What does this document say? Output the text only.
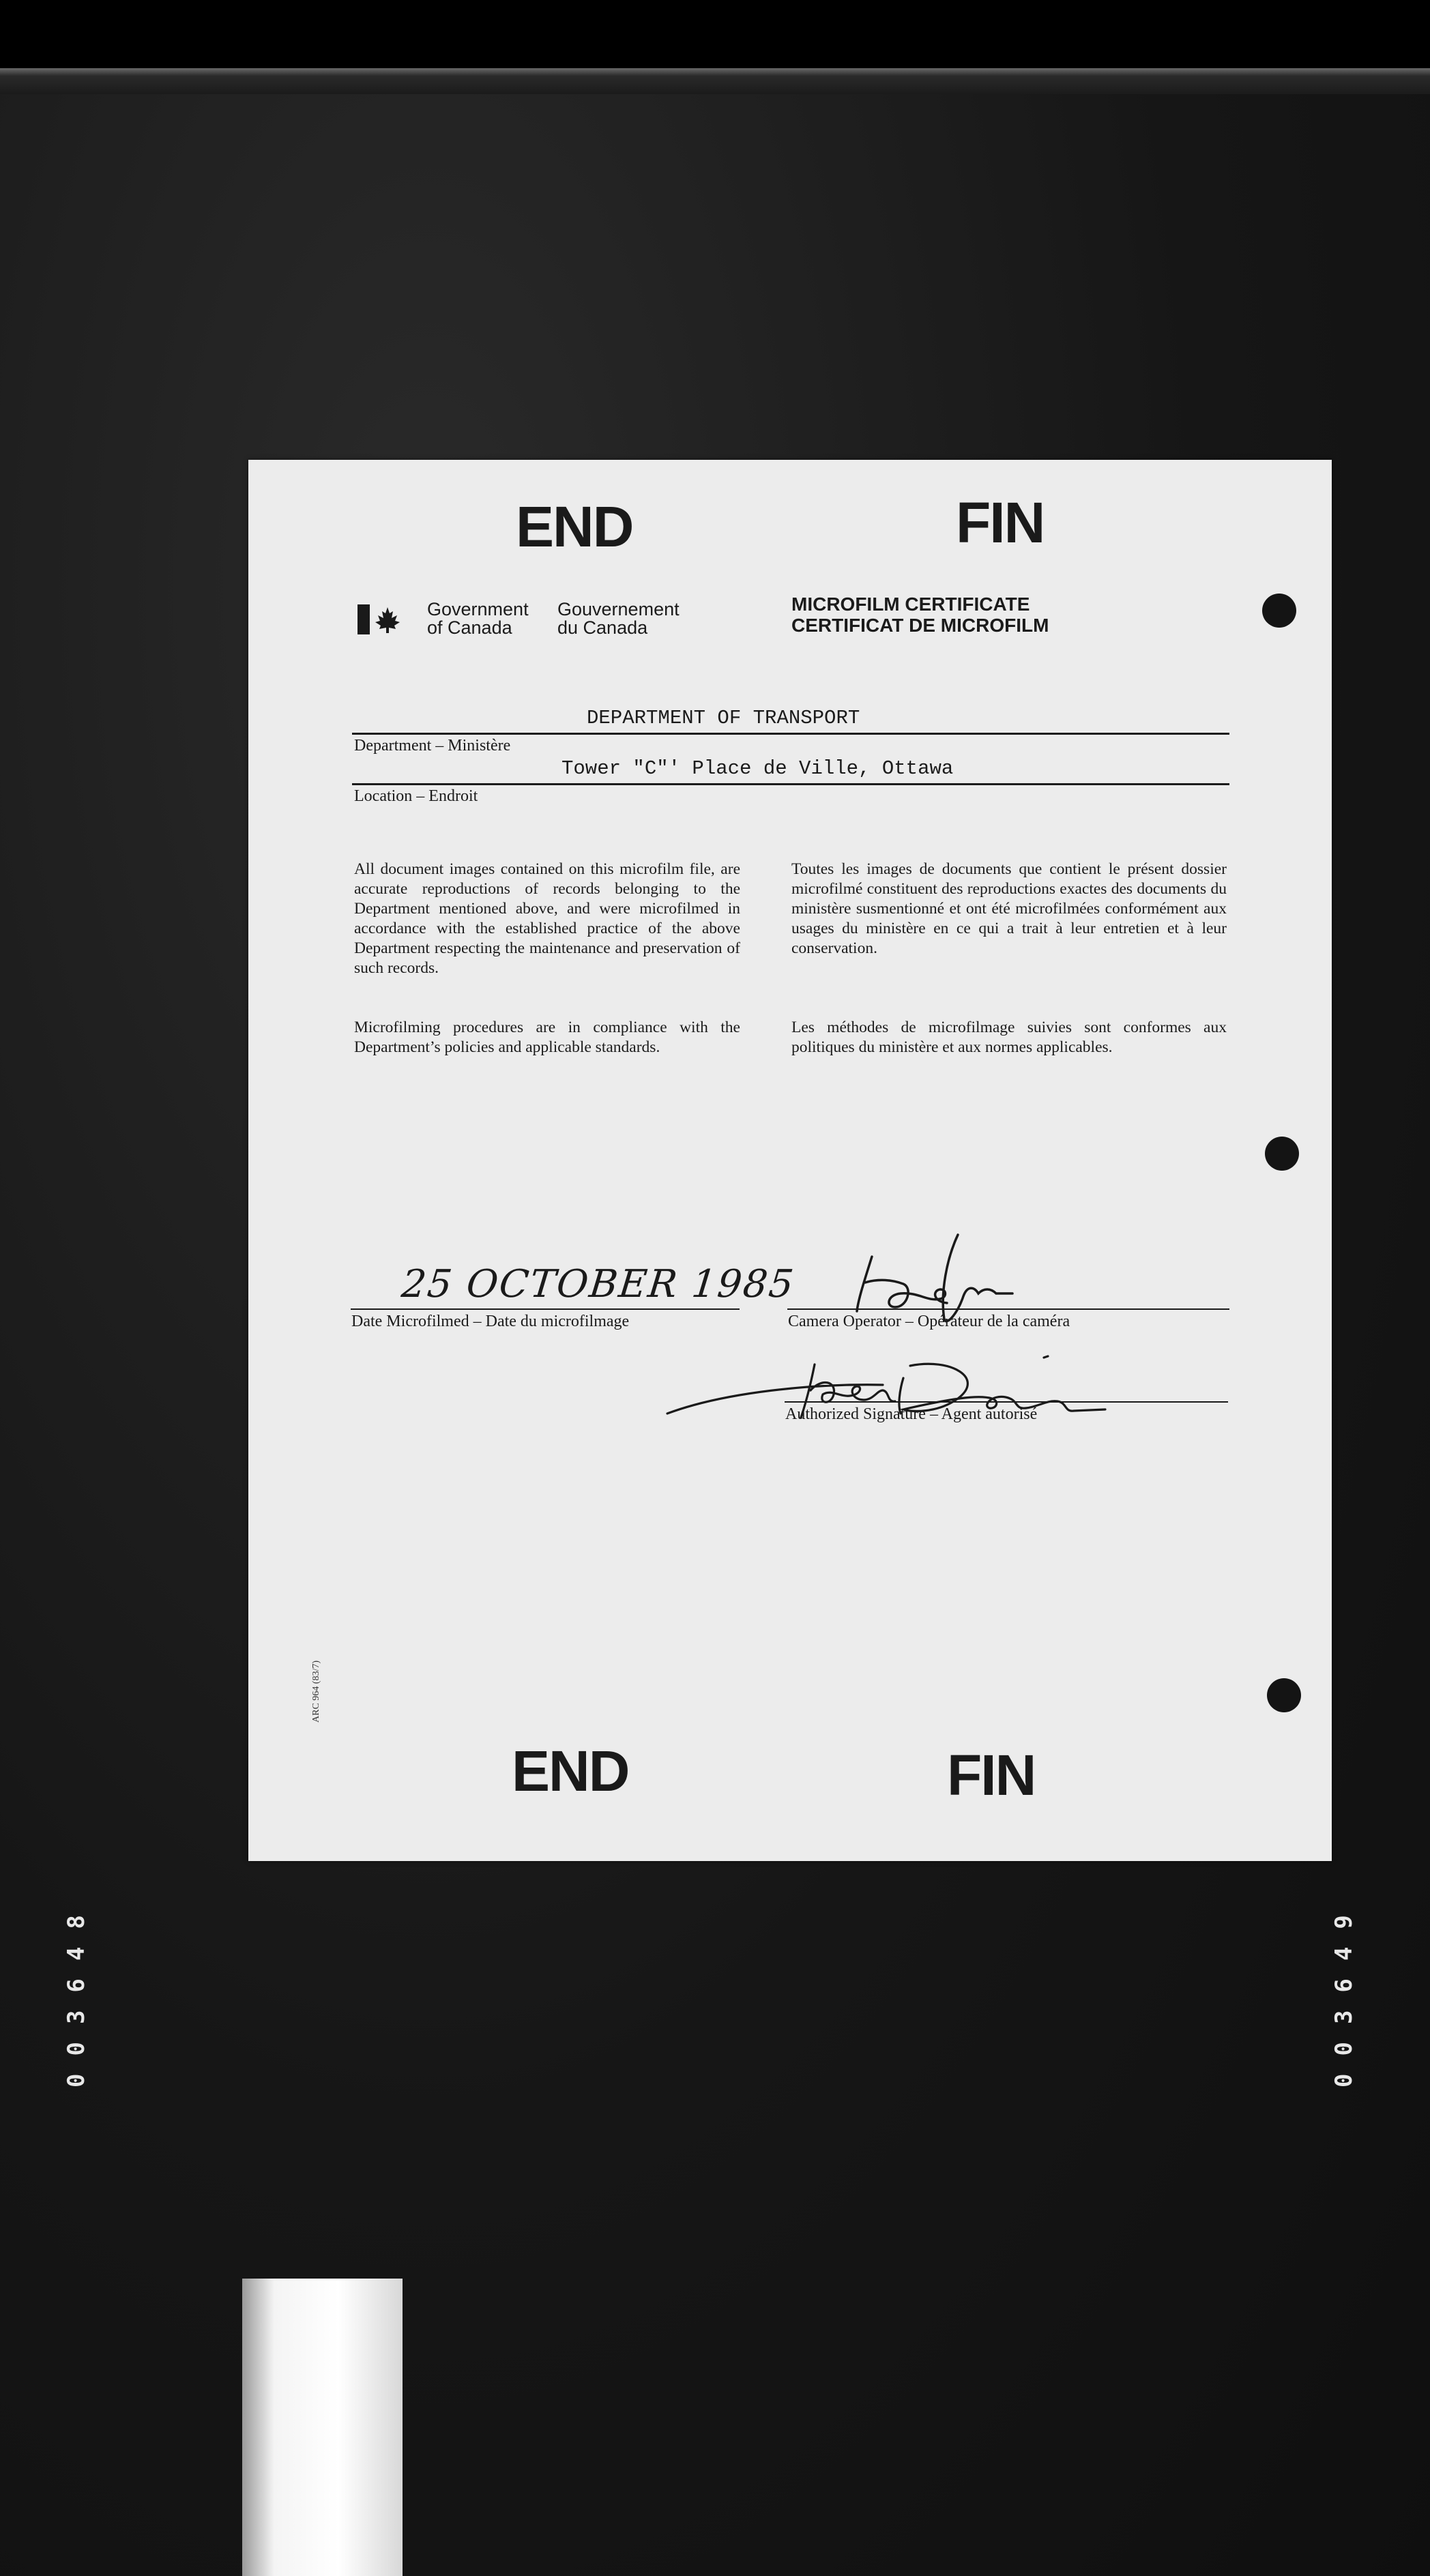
003648	003649
END	FIN
Government
of Canada
Gouvernement
du Canada
MICROFILM CERTIFICATE
CERTIFICAT DE MICROFILM
DEPARTMENT OF TRANSPORT
Department – Ministère
Tower "C"' Place de Ville, Ottawa
Location – Endroit
All document images contained on this microfilm file, are accurate reproductions of records belonging to the Department mentioned above, and were microfilmed in accordance with the established practice of the above Department respecting the maintenance and preservation of such records.
Toutes les images de documents que contient le présent dossier microfilmé constituent des reproductions exactes des documents du ministère susmentionné et ont été microfilmées conformément aux usages du ministère en ce qui a trait à leur entretien et à leur conservation.
Microfilming procedures are in compliance with the Department’s policies and applicable standards.
Les méthodes de microfilmage suivies sont conformes aux politiques du ministère et aux normes applicables.
25 OCTOBER 1985
Date Microfilmed – Date du microfilmage	Camera Operator – Opérateur de la caméra
Authorized Signature – Agent autorisé
ARC 964 (83/7)
END	FIN
